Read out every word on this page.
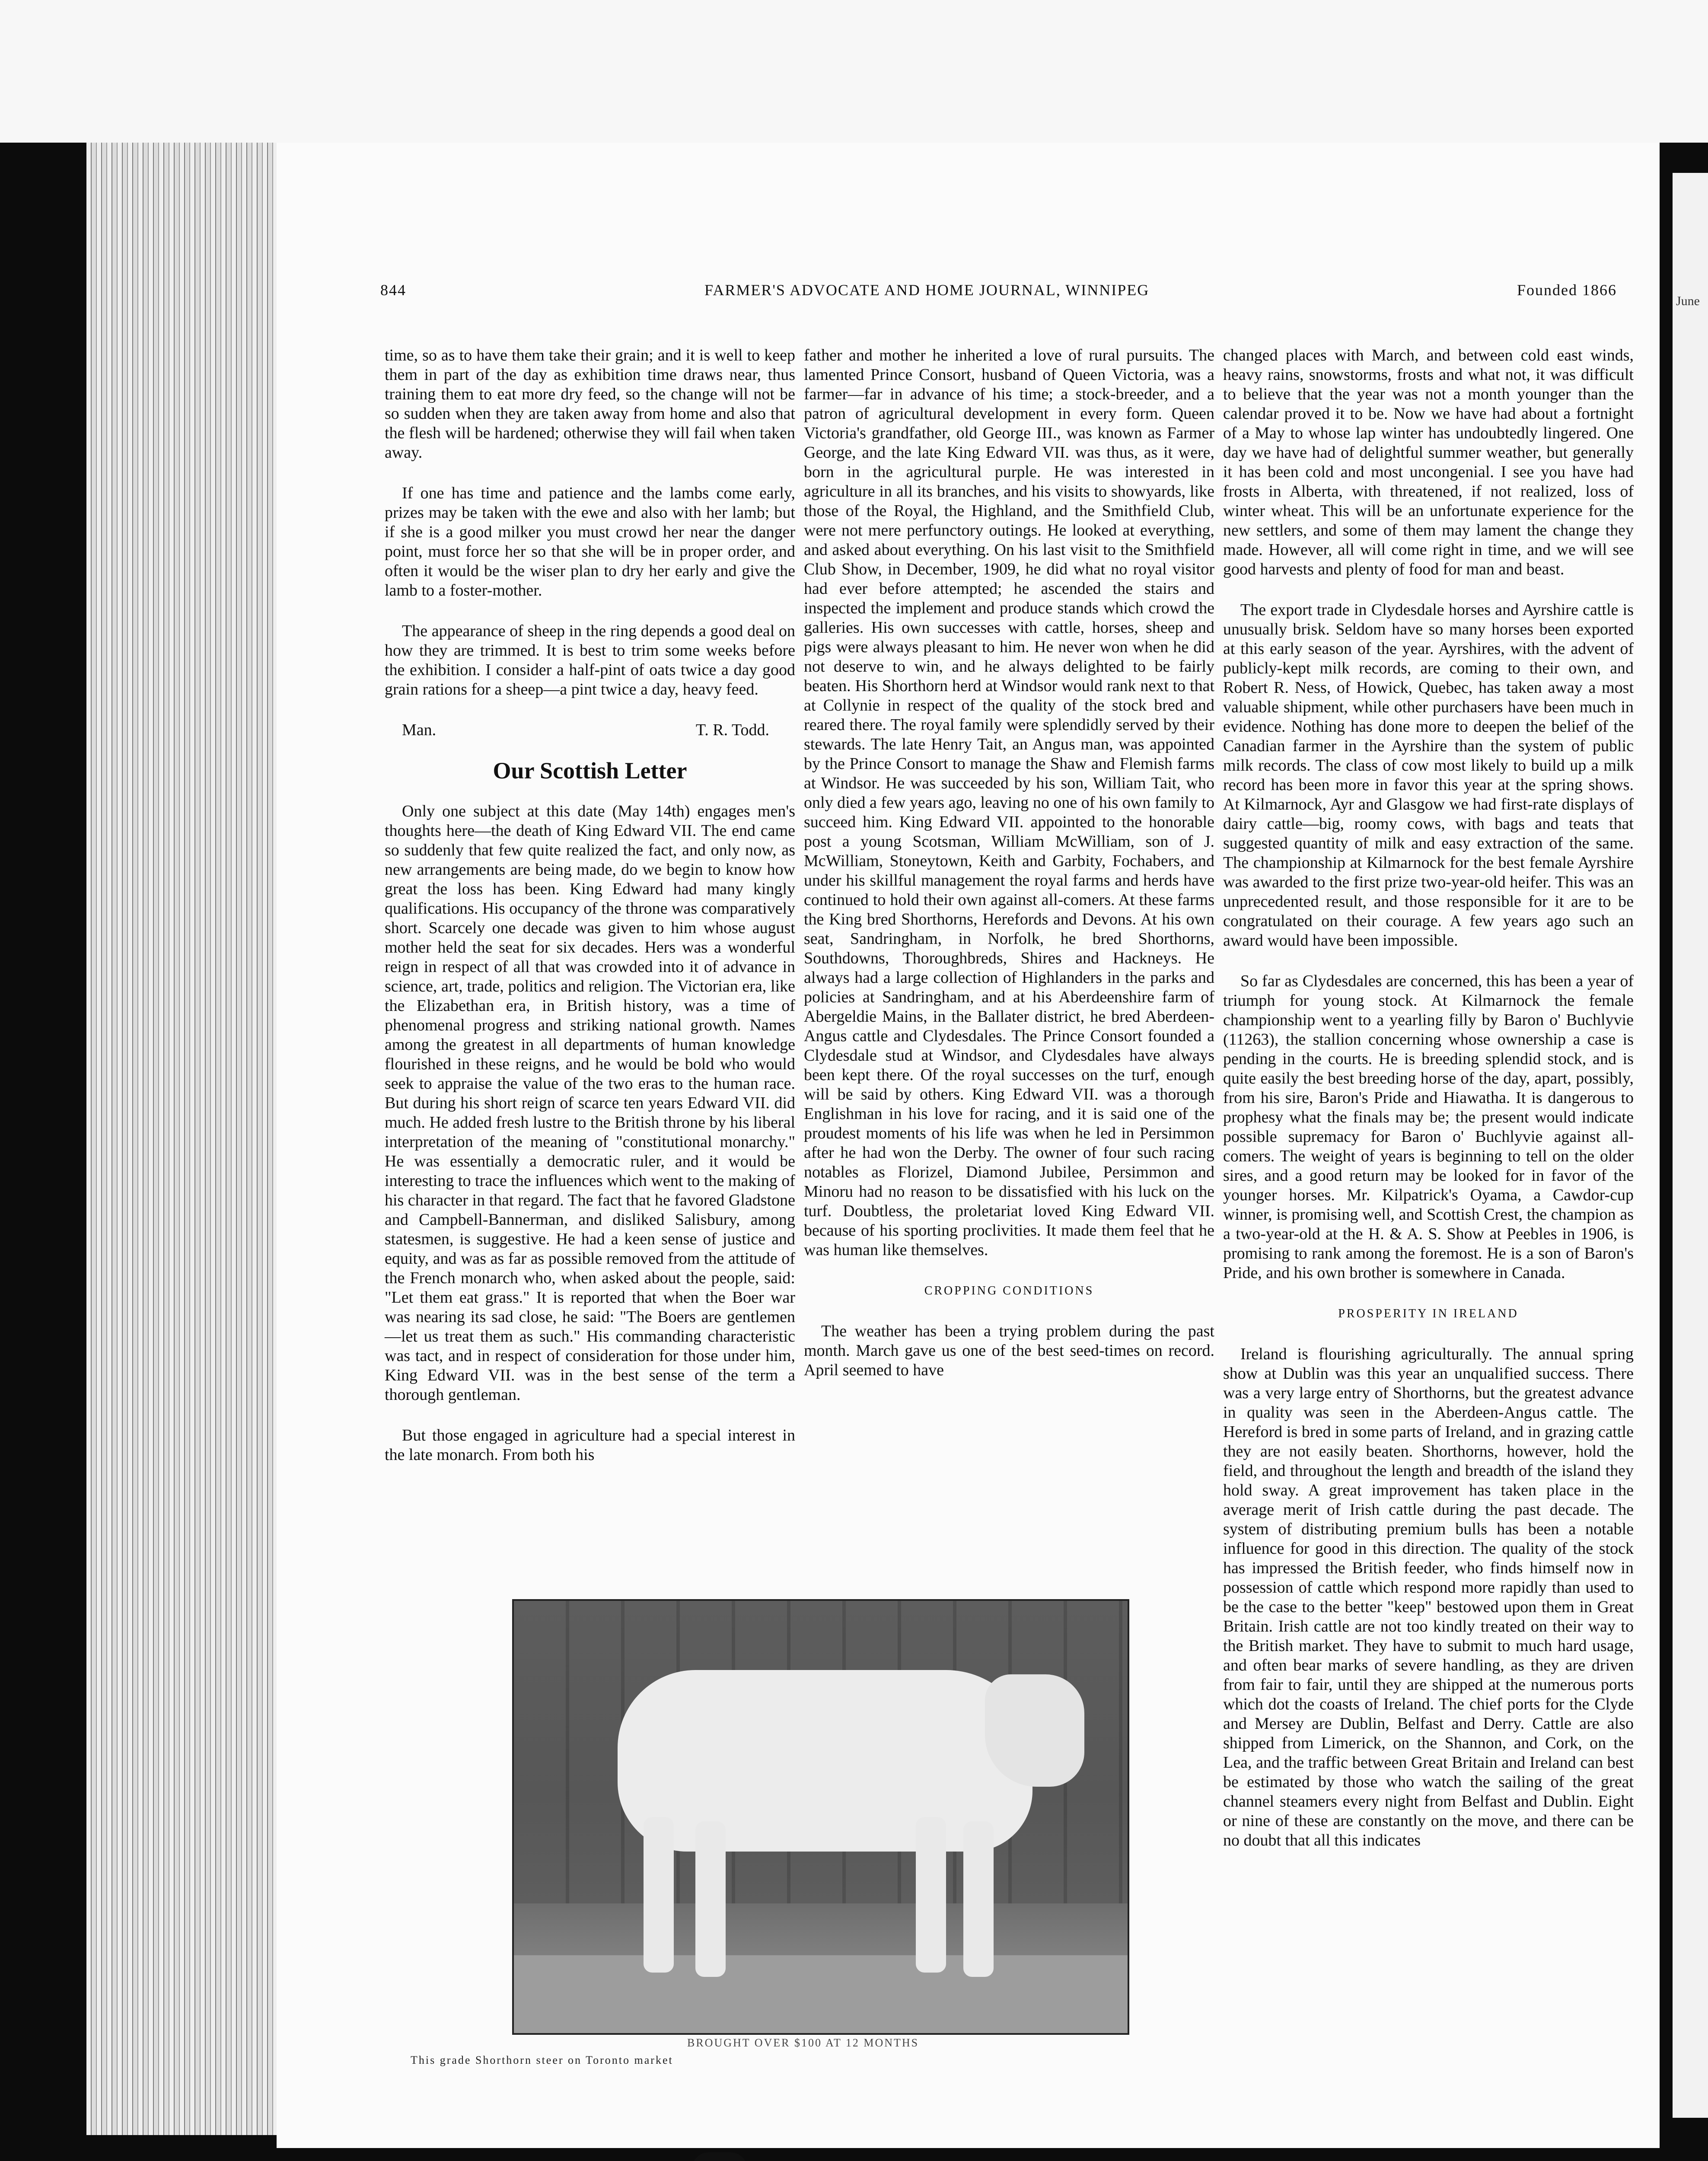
June
844	FARMER'S ADVOCATE AND HOME JOURNAL, WINNIPEG	Founded 1866

time, so as to have them take their grain; and it is well to keep them in part of the day as exhibition time draws near, thus training them to eat more dry feed, so the change will not be so sudden when they are taken away from home and also that the flesh will be hardened; otherwise they will fail when taken away.

If one has time and patience and the lambs come early, prizes may be taken with the ewe and also with her lamb; but if she is a good milker you must crowd her near the danger point, must force her so that she will be in proper order, and often it would be the wiser plan to dry her early and give the lamb to a foster-mother.

The appearance of sheep in the ring depends a good deal on how they are trimmed. It is best to trim some weeks before the exhibition. I consider a half-pint of oats twice a day good grain rations for a sheep—a pint twice a day, heavy feed.

Man.	T. R. Todd.

Our Scottish Letter

Only one subject at this date (May 14th) engages men's thoughts here—the death of King Edward VII. The end came so suddenly that few quite realized the fact, and only now, as new arrangements are being made, do we begin to know how great the loss has been. King Edward had many kingly qualifications. His occupancy of the throne was comparatively short. Scarcely one decade was given to him whose august mother held the seat for six decades. Hers was a wonderful reign in respect of all that was crowded into it of advance in science, art, trade, politics and religion. The Victorian era, like the Elizabethan era, in British history, was a time of phenomenal progress and striking national growth. Names among the greatest in all departments of human knowledge flourished in these reigns, and he would be bold who would seek to appraise the value of the two eras to the human race. But during his short reign of scarce ten years Edward VII. did much. He added fresh lustre to the British throne by his liberal interpretation of the meaning of "constitutional monarchy." He was essentially a democratic ruler, and it would be interesting to trace the influences which went to the making of his character in that regard. The fact that he favored Gladstone and Campbell-Bannerman, and disliked Salisbury, among statesmen, is suggestive. He had a keen sense of justice and equity, and was as far as possible removed from the attitude of the French monarch who, when asked about the people, said: "Let them eat grass." It is reported that when the Boer war was nearing its sad close, he said: "The Boers are gentlemen—let us treat them as such." His commanding characteristic was tact, and in respect of consideration for those under him, King Edward VII. was in the best sense of the term a thorough gentleman.

But those engaged in agriculture had a special interest in the late monarch. From both his

father and mother he inherited a love of rural pursuits. The lamented Prince Consort, husband of Queen Victoria, was a farmer—far in advance of his time; a stock-breeder, and a patron of agricultural development in every form. Queen Victoria's grandfather, old George III., was known as Farmer George, and the late King Edward VII. was thus, as it were, born in the agricultural purple. He was interested in agriculture in all its branches, and his visits to showyards, like those of the Royal, the Highland, and the Smithfield Club, were not mere perfunctory outings. He looked at everything, and asked about everything. On his last visit to the Smithfield Club Show, in December, 1909, he did what no royal visitor had ever before attempted; he ascended the stairs and inspected the implement and produce stands which crowd the galleries. His own successes with cattle, horses, sheep and pigs were always pleasant to him. He never won when he did not deserve to win, and he always delighted to be fairly beaten. His Shorthorn herd at Windsor would rank next to that at Collynie in respect of the quality of the stock bred and reared there. The royal family were splendidly served by their stewards. The late Henry Tait, an Angus man, was appointed by the Prince Consort to manage the Shaw and Flemish farms at Windsor. He was succeeded by his son, William Tait, who only died a few years ago, leaving no one of his own family to succeed him. King Edward VII. appointed to the honorable post a young Scotsman, William McWilliam, son of J. McWilliam, Stoneytown, Keith and Garbity, Fochabers, and under his skillful management the royal farms and herds have continued to hold their own against all-comers. At these farms the King bred Shorthorns, Herefords and Devons. At his own seat, Sandringham, in Norfolk, he bred Shorthorns, Southdowns, Thoroughbreds, Shires and Hackneys. He always had a large collection of Highlanders in the parks and policies at Sandringham, and at his Aberdeenshire farm of Abergeldie Mains, in the Ballater district, he bred Aberdeen-Angus cattle and Clydesdales. The Prince Consort founded a Clydesdale stud at Windsor, and Clydesdales have always been kept there. Of the royal successes on the turf, enough will be said by others. King Edward VII. was a thorough Englishman in his love for racing, and it is said one of the proudest moments of his life was when he led in Persimmon after he had won the Derby. The owner of four such racing notables as Florizel, Diamond Jubilee, Persimmon and Minoru had no reason to be dissatisfied with his luck on the turf. Doubtless, the proletariat loved King Edward VII. because of his sporting proclivities. It made them feel that he was human like themselves.

CROPPING CONDITIONS

The weather has been a trying problem during the past month. March gave us one of the best seed-times on record. April seemed to have

changed places with March, and between cold east winds, heavy rains, snowstorms, frosts and what not, it was difficult to believe that the year was not a month younger than the calendar proved it to be. Now we have had about a fortnight of a May to whose lap winter has undoubtedly lingered. One day we have had of delightful summer weather, but generally it has been cold and most uncongenial. I see you have had frosts in Alberta, with threatened, if not realized, loss of winter wheat. This will be an unfortunate experience for the new settlers, and some of them may lament the change they made. However, all will come right in time, and we will see good harvests and plenty of food for man and beast.

The export trade in Clydesdale horses and Ayrshire cattle is unusually brisk. Seldom have so many horses been exported at this early season of the year. Ayrshires, with the advent of publicly-kept milk records, are coming to their own, and Robert R. Ness, of Howick, Quebec, has taken away a most valuable shipment, while other purchasers have been much in evidence. Nothing has done more to deepen the belief of the Canadian farmer in the Ayrshire than the system of public milk records. The class of cow most likely to build up a milk record has been more in favor this year at the spring shows. At Kilmarnock, Ayr and Glasgow we had first-rate displays of dairy cattle—big, roomy cows, with bags and teats that suggested quantity of milk and easy extraction of the same. The championship at Kilmarnock for the best female Ayrshire was awarded to the first prize two-year-old heifer. This was an unprecedented result, and those responsible for it are to be congratulated on their courage. A few years ago such an award would have been impossible.

So far as Clydesdales are concerned, this has been a year of triumph for young stock. At Kilmarnock the female championship went to a yearling filly by Baron o' Buchlyvie (11263), the stallion concerning whose ownership a case is pending in the courts. He is breeding splendid stock, and is quite easily the best breeding horse of the day, apart, possibly, from his sire, Baron's Pride and Hiawatha. It is dangerous to prophesy what the finals may be; the present would indicate possible supremacy for Baron o' Buchlyvie against all-comers. The weight of years is beginning to tell on the older sires, and a good return may be looked for in favor of the younger horses. Mr. Kilpatrick's Oyama, a Cawdor-cup winner, is promising well, and Scottish Crest, the champion as a two-year-old at the H. & A. S. Show at Peebles in 1906, is promising to rank among the foremost. He is a son of Baron's Pride, and his own brother is somewhere in Canada.

PROSPERITY IN IRELAND

Ireland is flourishing agriculturally. The annual spring show at Dublin was this year an unqualified success. There was a very large entry of Shorthorns, but the greatest advance in quality was seen in the Aberdeen-Angus cattle. The Hereford is bred in some parts of Ireland, and in grazing cattle they are not easily beaten. Shorthorns, however, hold the field, and throughout the length and breadth of the island they hold sway. A great improvement has taken place in the average merit of Irish cattle during the past decade. The system of distributing premium bulls has been a notable influence for good in this direction. The quality of the stock has impressed the British feeder, who finds himself now in possession of cattle which respond more rapidly than used to be the case to the better "keep" bestowed upon them in Great Britain. Irish cattle are not too kindly treated on their way to the British market. They have to submit to much hard usage, and often bear marks of severe handling, as they are driven from fair to fair, until they are shipped at the numerous ports which dot the coasts of Ireland. The chief ports for the Clyde and Mersey are Dublin, Belfast and Derry. Cattle are also shipped from Limerick, on the Shannon, and Cork, on the Lea, and the traffic between Great Britain and Ireland can best be estimated by those who watch the sailing of the great channel steamers every night from Belfast and Dublin. Eight or nine of these are constantly on the move, and there can be no doubt that all this indicates

BROUGHT OVER $100 AT 12 MONTHS
This grade Shorthorn steer on Toronto market
